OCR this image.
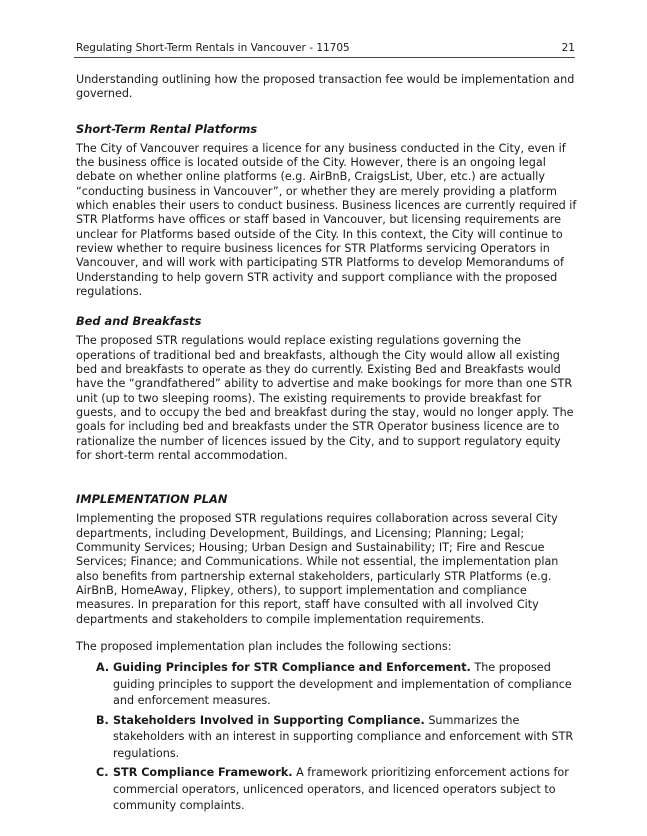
Regulating Short-Term Rentals in Vancouver - 11705	21

Understanding outlining how the proposed transaction fee would be implementation and governed.

Short-Term Rental Platforms

The City of Vancouver requires a licence for any business conducted in the City, even if the business office is located outside of the City. However, there is an ongoing legal debate on whether online platforms (e.g. AirBnB, CraigsList, Uber, etc.) are actually “conducting business in Vancouver”, or whether they are merely providing a platform which enables their users to conduct business. Business licences are currently required if STR Platforms have offices or staff based in Vancouver, but licensing requirements are unclear for Platforms based outside of the City. In this context, the City will continue to review whether to require business licences for STR Platforms servicing Operators in Vancouver, and will work with participating STR Platforms to develop Memorandums of Understanding to help govern STR activity and support compliance with the proposed regulations.

Bed and Breakfasts

The proposed STR regulations would replace existing regulations governing the operations of traditional bed and breakfasts, although the City would allow all existing bed and breakfasts to operate as they do currently. Existing Bed and Breakfasts would have the “grandfathered” ability to advertise and make bookings for more than one STR unit (up to two sleeping rooms). The existing requirements to provide breakfast for guests, and to occupy the bed and breakfast during the stay, would no longer apply. The goals for including bed and breakfasts under the STR Operator business licence are to rationalize the number of licences issued by the City, and to support regulatory equity for short-term rental accommodation.

IMPLEMENTATION PLAN

Implementing the proposed STR regulations requires collaboration across several City departments, including Development, Buildings, and Licensing; Planning; Legal; Community Services; Housing; Urban Design and Sustainability; IT; Fire and Rescue Services; Finance; and Communications. While not essential, the implementation plan also benefits from partnership external stakeholders, particularly STR Platforms (e.g. AirBnB, HomeAway, Flipkey, others), to support implementation and compliance measures. In preparation for this report, staff have consulted with all involved City departments and stakeholders to compile implementation requirements.

The proposed implementation plan includes the following sections:

A. Guiding Principles for STR Compliance and Enforcement. The proposed guiding principles to support the development and implementation of compliance and enforcement measures.
B. Stakeholders Involved in Supporting Compliance. Summarizes the stakeholders with an interest in supporting compliance and enforcement with STR regulations.
C. STR Compliance Framework. A framework prioritizing enforcement actions for commercial operators, unlicenced operators, and licenced operators subject to community complaints.
